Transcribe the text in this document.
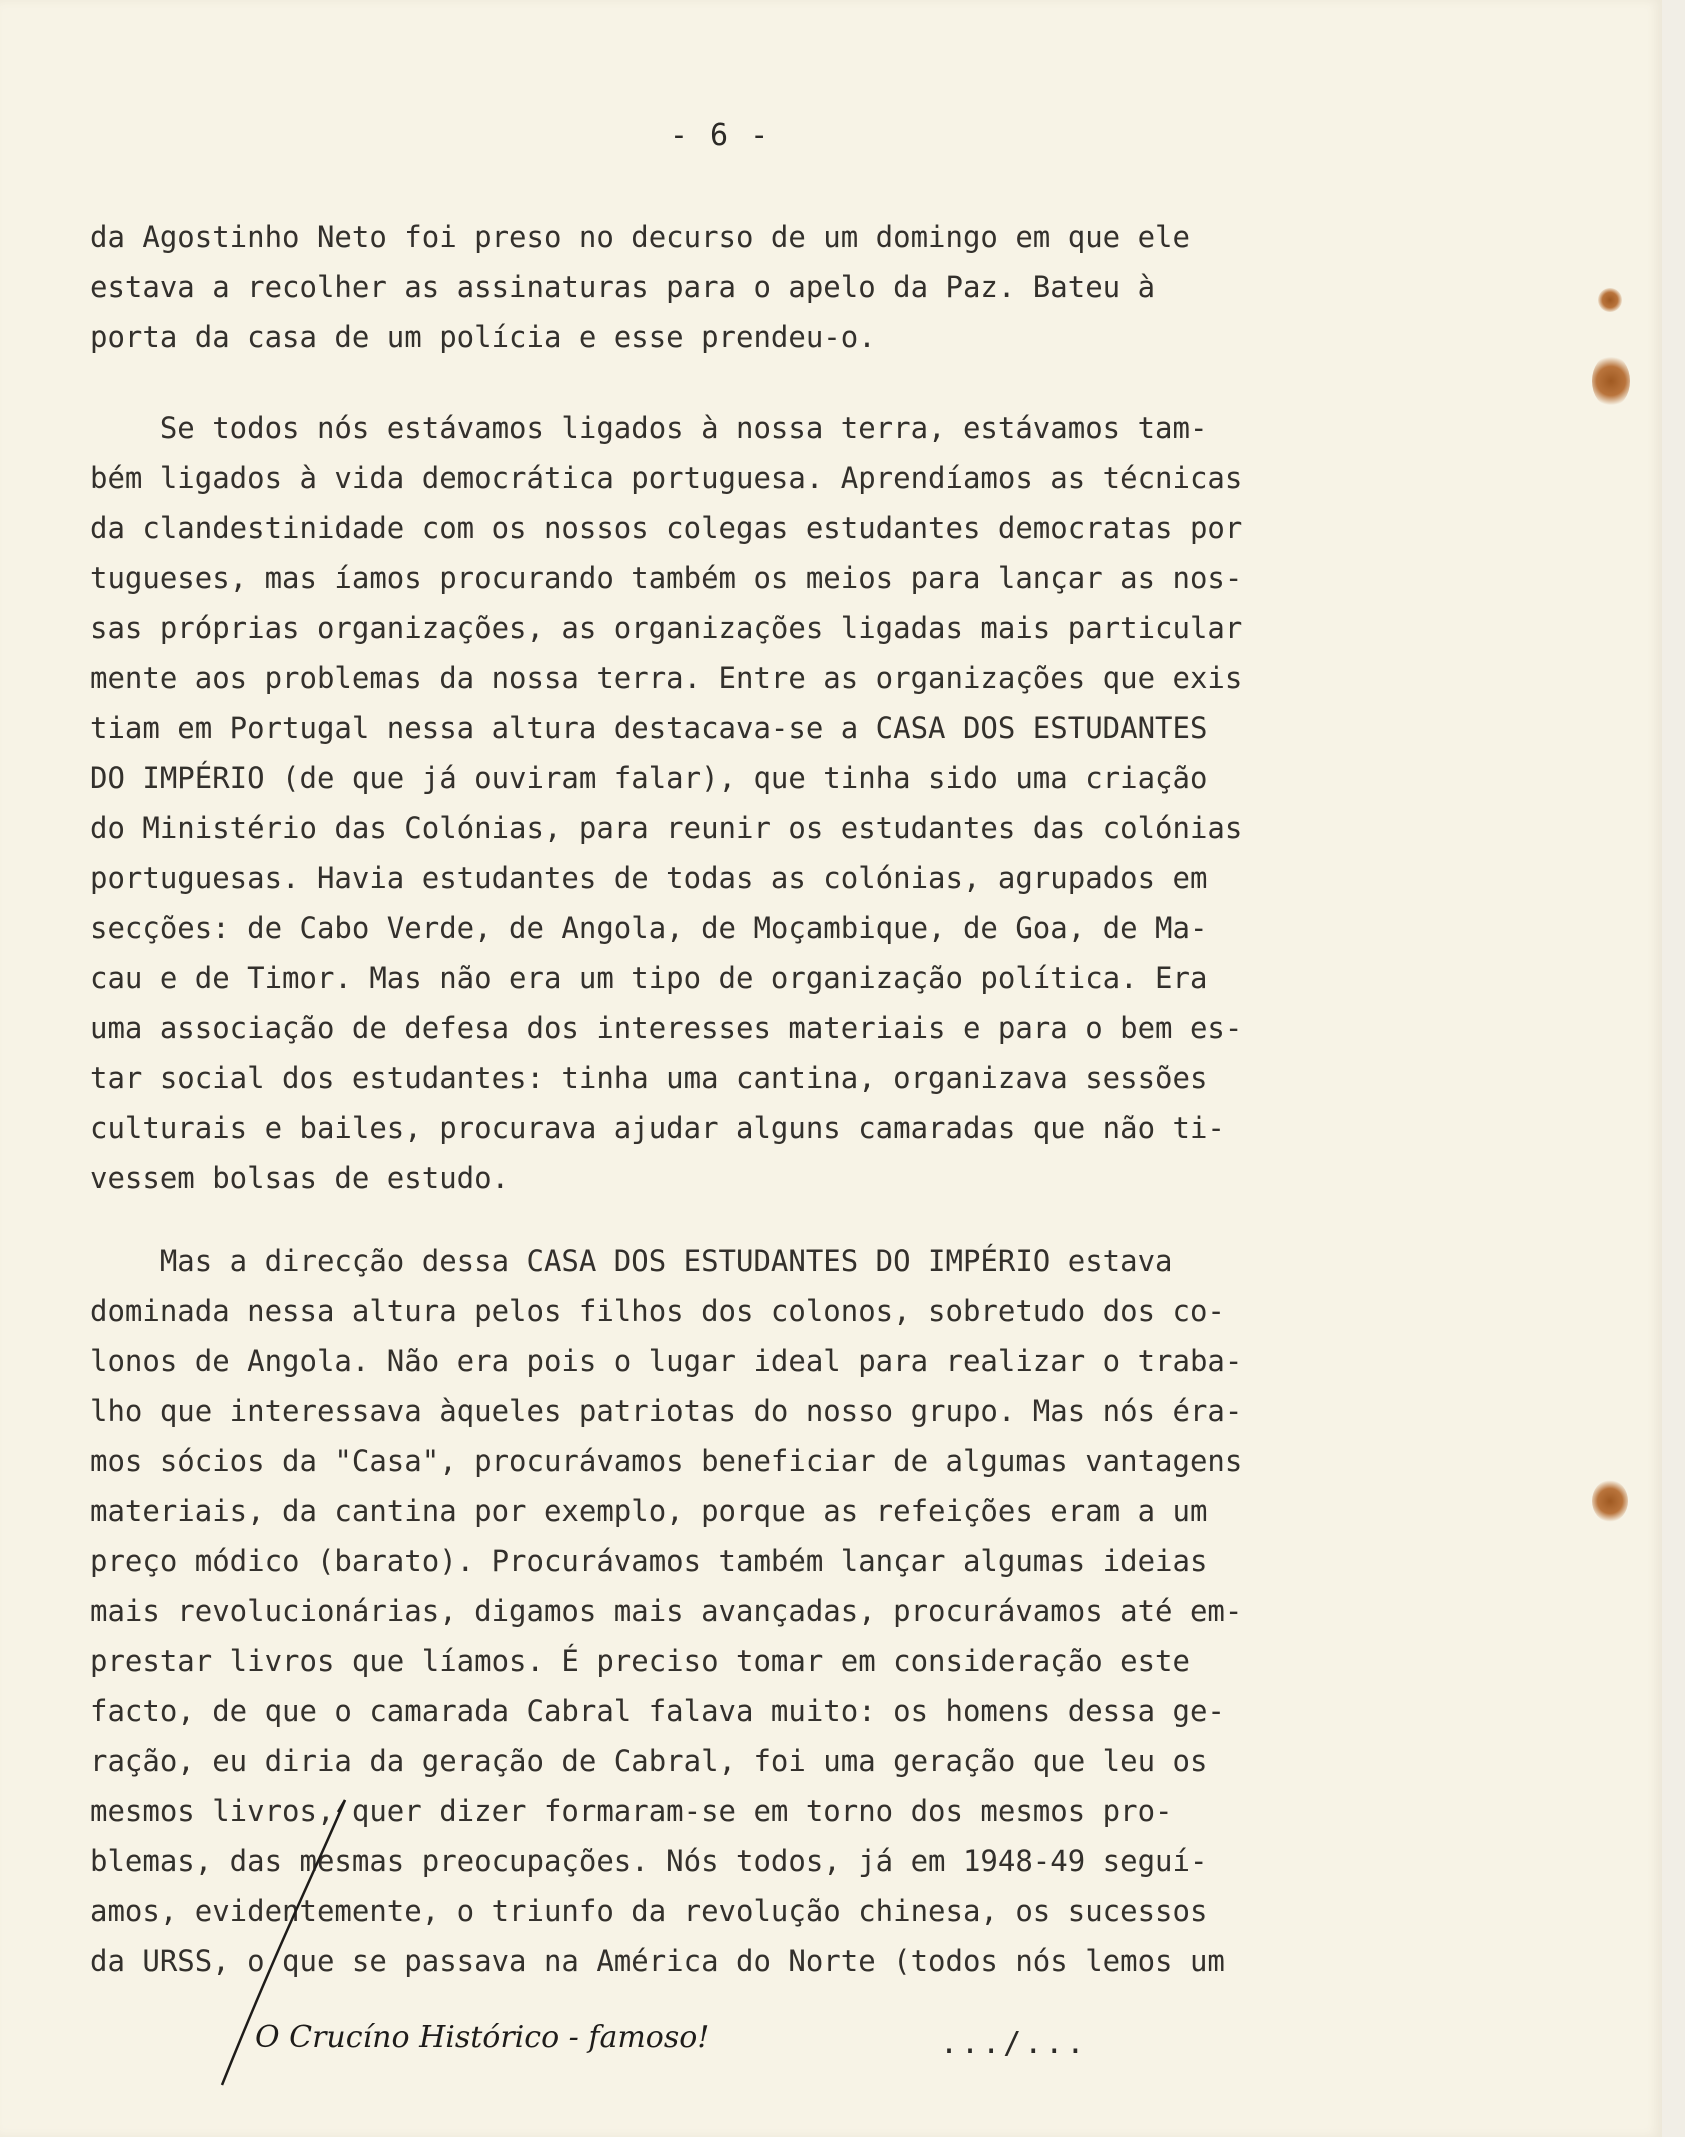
- 6 -
da Agostinho Neto foi preso no decurso de um domingo em que ele
estava a recolher as assinaturas para o apelo da Paz. Bateu à
porta da casa de um polícia e esse prendeu-o.
Se todos nós estávamos ligados à nossa terra, estávamos tam-
bém ligados à vida democrática portuguesa. Aprendíamos as técnicas
da clandestinidade com os nossos colegas estudantes democratas por
tugueses, mas íamos procurando também os meios para lançar as nos-
sas próprias organizações, as organizações ligadas mais particular
mente aos problemas da nossa terra. Entre as organizações que exis
tiam em Portugal nessa altura destacava-se a CASA DOS ESTUDANTES
DO IMPÉRIO (de que já ouviram falar), que tinha sido uma criação
do Ministério das Colónias, para reunir os estudantes das colónias
portuguesas. Havia estudantes de todas as colónias, agrupados em
secções: de Cabo Verde, de Angola, de Moçambique, de Goa, de Ma-
cau e de Timor. Mas não era um tipo de organização política. Era
uma associação de defesa dos interesses materiais e para o bem es-
tar social dos estudantes: tinha uma cantina, organizava sessões
culturais e bailes, procurava ajudar alguns camaradas que não ti-
vessem bolsas de estudo.
Mas a direcção dessa CASA DOS ESTUDANTES DO IMPÉRIO estava
dominada nessa altura pelos filhos dos colonos, sobretudo dos co-
lonos de Angola. Não era pois o lugar ideal para realizar o traba-
lho que interessava àqueles patriotas do nosso grupo. Mas nós éra-
mos sócios da "Casa", procurávamos beneficiar de algumas vantagens
materiais, da cantina por exemplo, porque as refeições eram a um
preço módico (barato). Procurávamos também lançar algumas ideias
mais revolucionárias, digamos mais avançadas, procurávamos até em-
prestar livros que líamos. É preciso tomar em consideração este
facto, de que o camarada Cabral falava muito: os homens dessa ge-
ração, eu diria da geração de Cabral, foi uma geração que leu os
mesmos livros, quer dizer formaram-se em torno dos mesmos pro-
blemas, das mesmas preocupações. Nós todos, já em 1948-49 seguí-
amos, evidentemente, o triunfo da revolução chinesa, os sucessos
da URSS, o que se passava na América do Norte (todos nós lemos um
O Crucíno Histórico - famoso!	.../...
